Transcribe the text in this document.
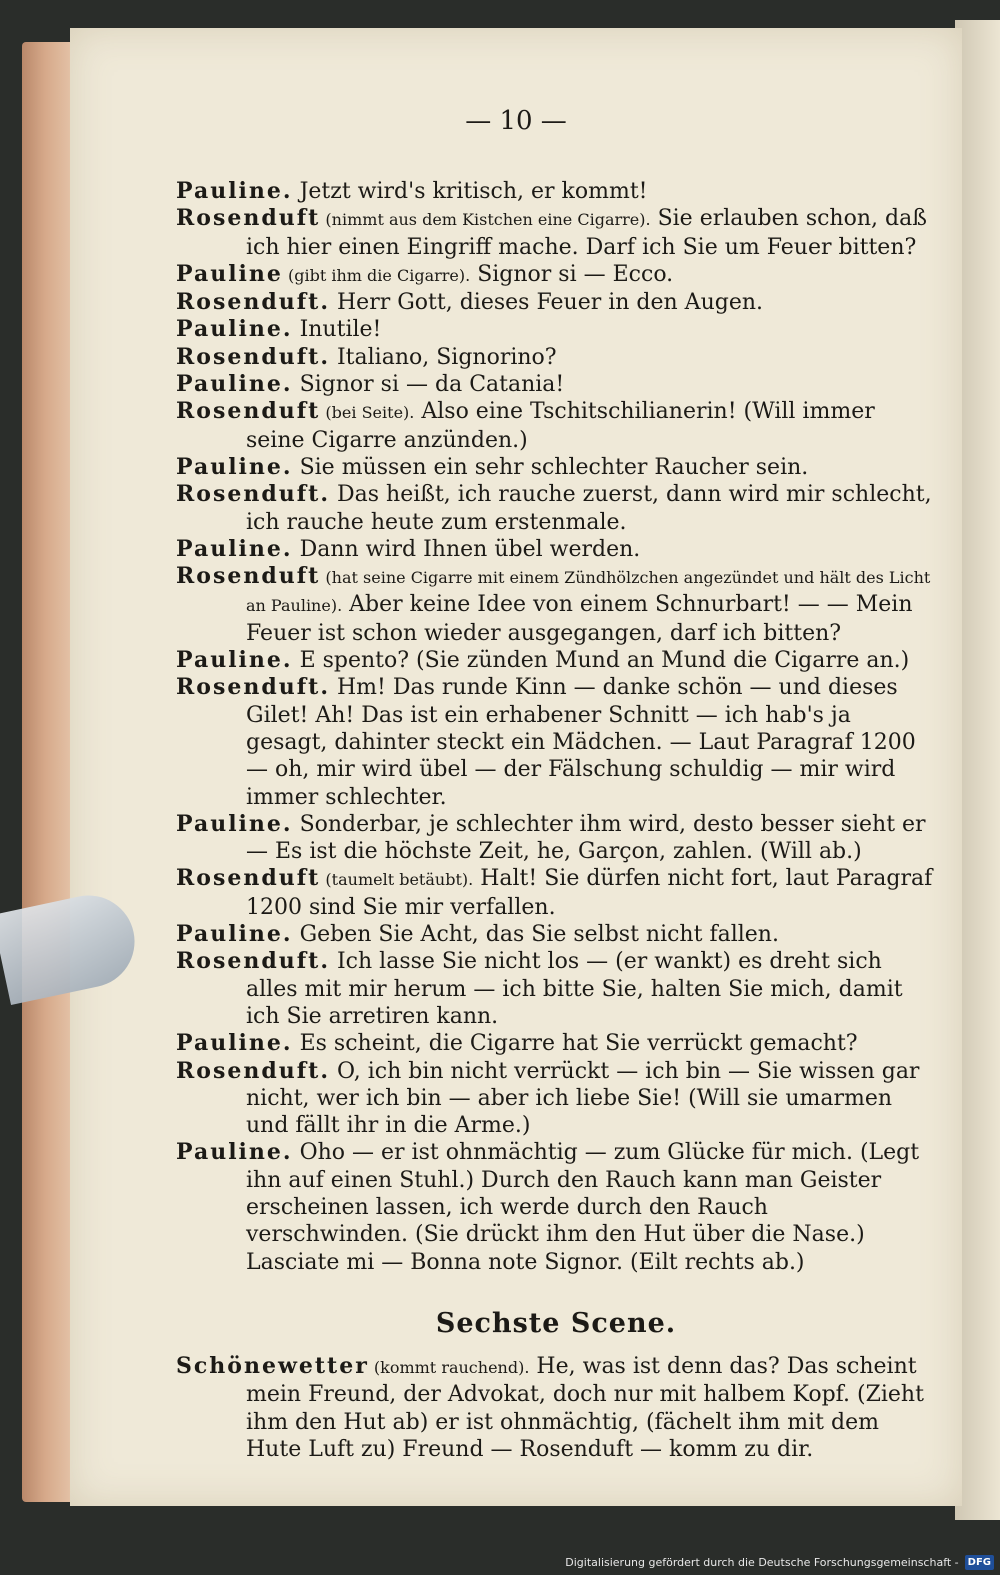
— 10 —

Pauline. Jetzt wird's kritisch, er kommt!

Rosenduft (nimmt aus dem Kistchen eine Cigarre). Sie erlauben schon, daß ich hier einen Eingriff mache. Darf ich Sie um Feuer bitten?

Pauline (gibt ihm die Cigarre). Signor si — Ecco.

Rosenduft. Herr Gott, dieses Feuer in den Augen.

Pauline. Inutile!

Rosenduft. Italiano, Signorino?

Pauline. Signor si — da Catania!

Rosenduft (bei Seite). Also eine Tschitschilianerin! (Will immer seine Cigarre anzünden.)

Pauline. Sie müssen ein sehr schlechter Raucher sein.

Rosenduft. Das heißt, ich rauche zuerst, dann wird mir schlecht, ich rauche heute zum erstenmale.

Pauline. Dann wird Ihnen übel werden.

Rosenduft (hat seine Cigarre mit einem Zündhölzchen angezündet und hält des Licht an Pauline). Aber keine Idee von einem Schnurbart! — — Mein Feuer ist schon wieder ausgegangen, darf ich bitten?

Pauline. E spento? (Sie zünden Mund an Mund die Cigarre an.)

Rosenduft. Hm! Das runde Kinn — danke schön — und dieses Gilet! Ah! Das ist ein erhabener Schnitt — ich hab's ja gesagt, dahinter steckt ein Mädchen. — Laut Paragraf 1200 — oh, mir wird übel — der Fälschung schuldig — mir wird immer schlechter.

Pauline. Sonderbar, je schlechter ihm wird, desto besser sieht er — Es ist die höchste Zeit, he, Garçon, zahlen. (Will ab.)

Rosenduft (taumelt betäubt). Halt! Sie dürfen nicht fort, laut Paragraf 1200 sind Sie mir verfallen.

Pauline. Geben Sie Acht, das Sie selbst nicht fallen.

Rosenduft. Ich lasse Sie nicht los — (er wankt) es dreht sich alles mit mir herum — ich bitte Sie, halten Sie mich, damit ich Sie arretiren kann.

Pauline. Es scheint, die Cigarre hat Sie verrückt gemacht?

Rosenduft. O, ich bin nicht verrückt — ich bin — Sie wissen gar nicht, wer ich bin — aber ich liebe Sie! (Will sie umarmen und fällt ihr in die Arme.)

Pauline. Oho — er ist ohnmächtig — zum Glücke für mich. (Legt ihn auf einen Stuhl.) Durch den Rauch kann man Geister erscheinen lassen, ich werde durch den Rauch verschwinden. (Sie drückt ihm den Hut über die Nase.) Lasciate mi — Bonna note Signor. (Eilt rechts ab.)

Sechste Scene.

Schönewetter (kommt rauchend). He, was ist denn das? Das scheint mein Freund, der Advokat, doch nur mit halbem Kopf. (Zieht ihm den Hut ab) er ist ohnmächtig, (fächelt ihm mit dem Hute Luft zu) Freund — Rosenduft — komm zu dir.

Digitalisierung gefördert durch die Deutsche Forschungsgemeinschaft - DFG
